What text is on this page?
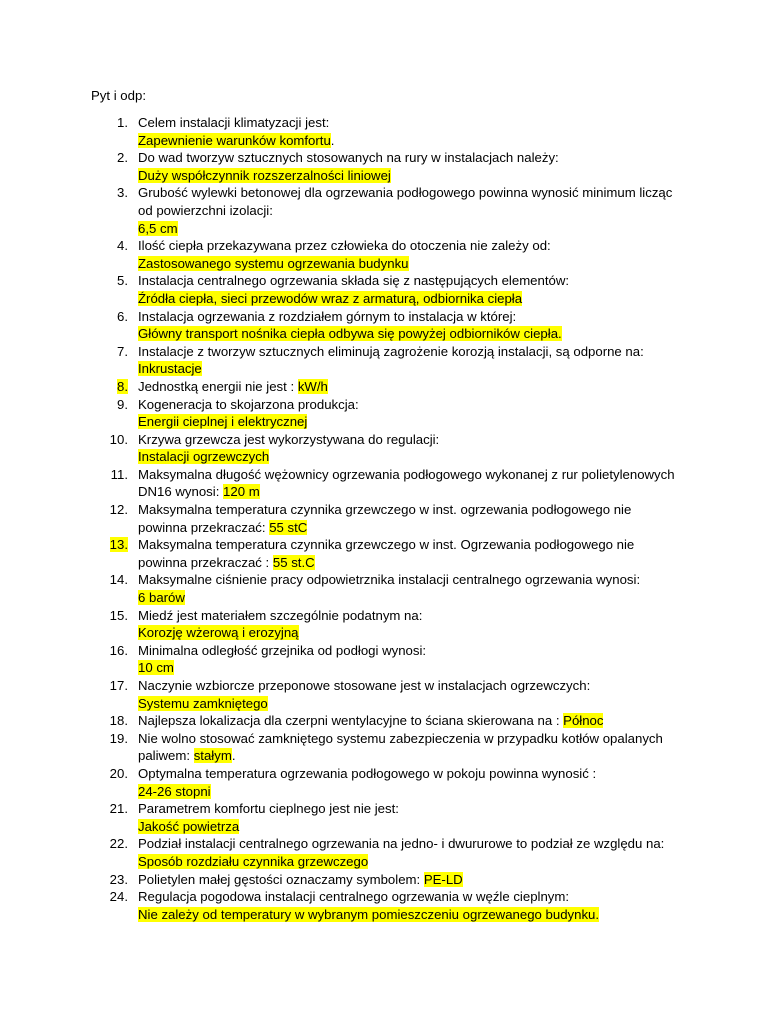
Pyt i odp:
1. Celem instalacji klimatyzacji jest:
Zapewnienie warunków komfortu.
2. Do wad tworzyw sztucznych stosowanych na rury w instalacjach należy:
Duży współczynnik rozszerzalności liniowej
3. Grubość wylewki betonowej dla ogrzewania podłogowego powinna wynosić minimum licząc
od powierzchni izolacji:
6,5 cm
4. Ilość ciepła przekazywana przez człowieka do otoczenia nie zależy od:
Zastosowanego systemu ogrzewania budynku
5. Instalacja centralnego ogrzewania składa się z następujących elementów:
Źródła ciepła, sieci przewodów wraz z armaturą, odbiornika ciepła
6. Instalacja ogrzewania z rozdziałem górnym to instalacja w której:
Główny transport nośnika ciepła odbywa się powyżej odbiorników ciepła.
7. Instalacje z tworzyw sztucznych eliminują zagrożenie korozją instalacji, są odporne na:
Inkrustacje
8. Jednostką energii nie jest : kW/h
9. Kogeneracja to skojarzona produkcja:
Energii cieplnej i elektrycznej
10. Krzywa grzewcza jest wykorzystywana do regulacji:
Instalacji ogrzewczych
11. Maksymalna długość wężownicy ogrzewania podłogowego wykonanej z rur polietylenowych
DN16 wynosi: 120 m
12. Maksymalna temperatura czynnika grzewczego w inst. ogrzewania podłogowego nie
powinna przekraczać: 55 stC
13. Maksymalna temperatura czynnika grzewczego w inst. Ogrzewania podłogowego nie
powinna przekraczać : 55 st.C
14. Maksymalne ciśnienie pracy odpowietrznika instalacji centralnego ogrzewania wynosi:
6 barów
15. Miedź jest materiałem szczególnie podatnym na:
Korozję wżerową i erozyjną
16. Minimalna odległość grzejnika od podłogi wynosi:
10 cm
17. Naczynie wzbiorcze przeponowe stosowane jest w instalacjach ogrzewczych:
Systemu zamkniętego
18. Najlepsza lokalizacja dla czerpni wentylacyjne to ściana skierowana na : Północ
19. Nie wolno stosować zamkniętego systemu zabezpieczenia w przypadku kotłów opalanych
paliwem: stałym.
20. Optymalna temperatura ogrzewania podłogowego w pokoju powinna wynosić :
24-26 stopni
21. Parametrem komfortu cieplnego jest nie jest:
Jakość powietrza
22. Podział instalacji centralnego ogrzewania na jedno- i dwururowe to podział ze względu na:
Sposób rozdziału czynnika grzewczego
23. Polietylen małej gęstości oznaczamy symbolem: PE-LD
24. Regulacja pogodowa instalacji centralnego ogrzewania w węźle cieplnym:
Nie zależy od temperatury w wybranym pomieszczeniu ogrzewanego budynku.
